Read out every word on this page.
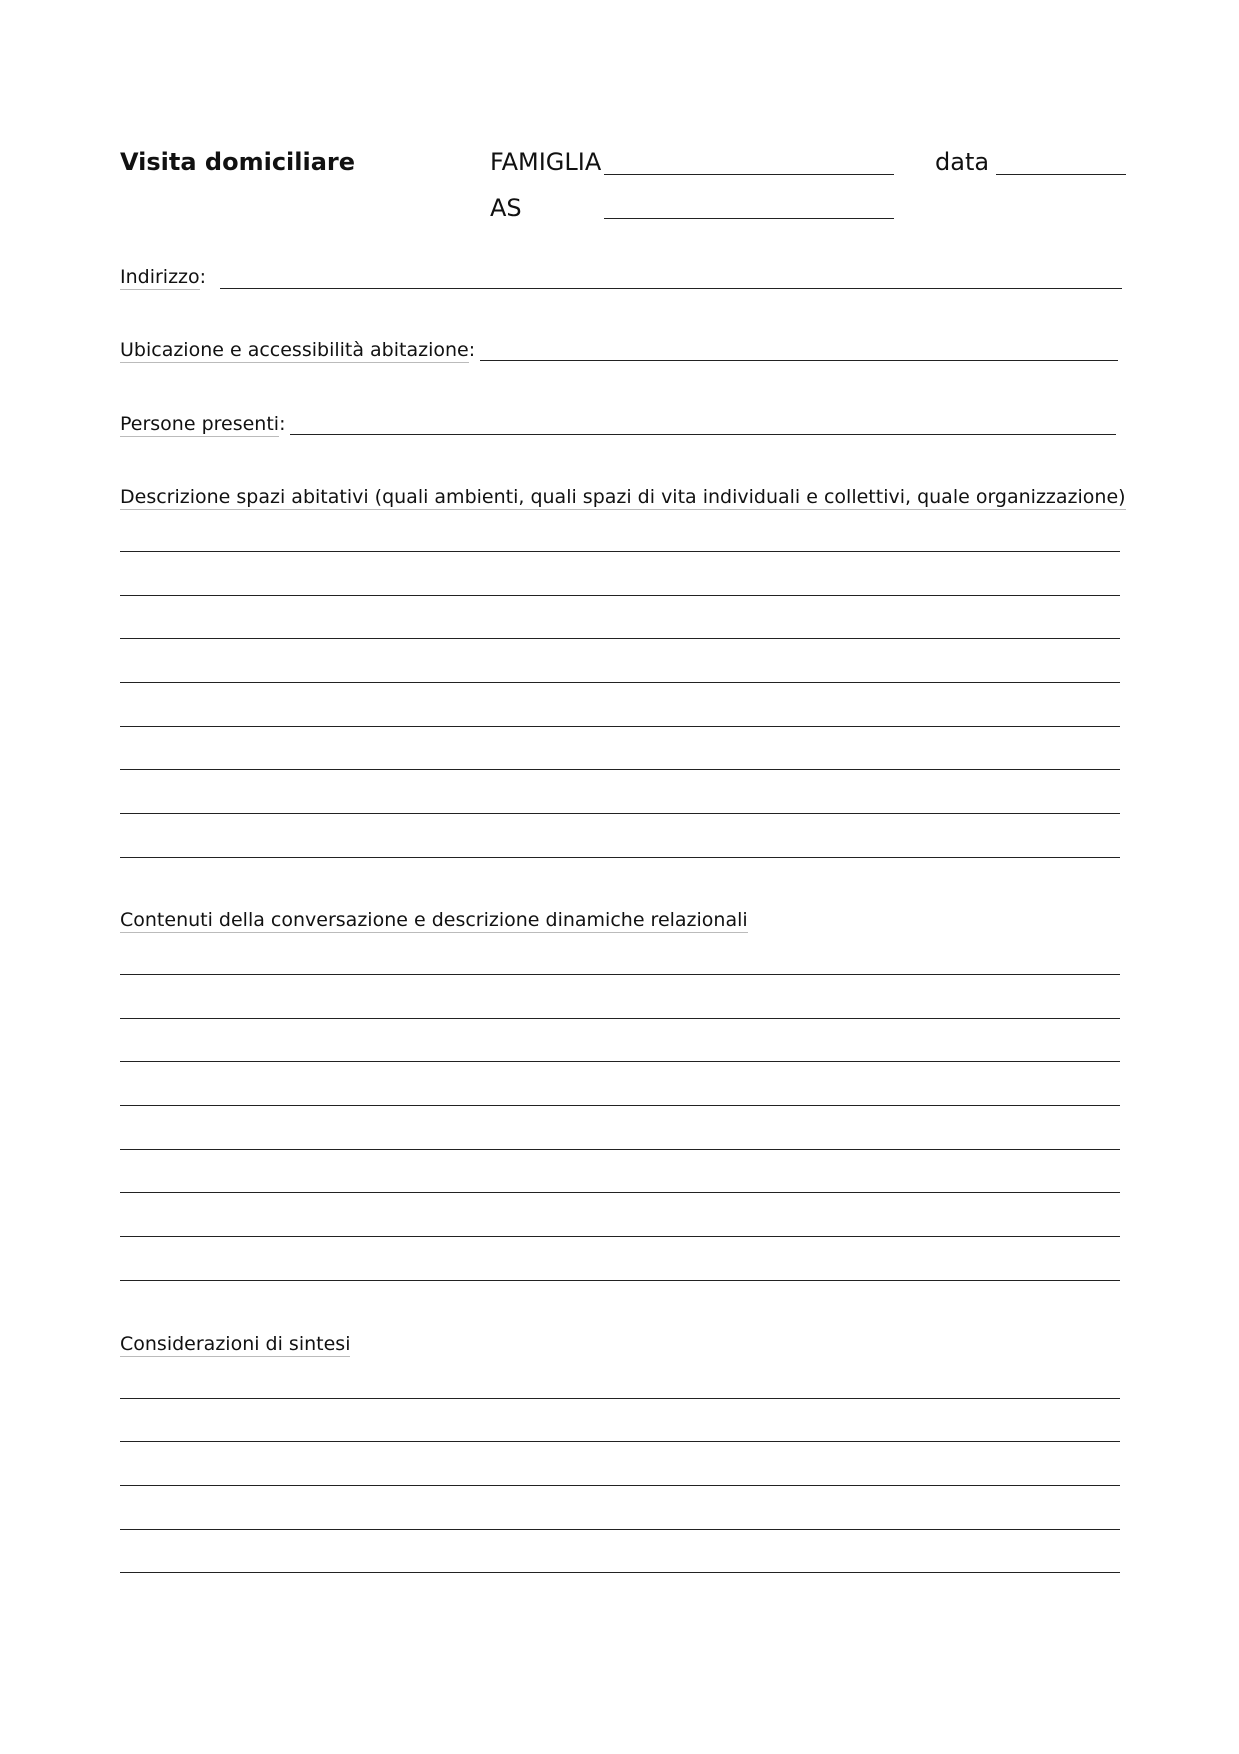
Visita domiciliare	FAMIGLIA	data
AS
Indirizzo:
Ubicazione e accessibilità abitazione:
Persone presenti:
Descrizione spazi abitativi (quali ambienti, quali spazi di vita individuali e collettivi, quale organizzazione)
Contenuti della conversazione e descrizione dinamiche relazionali
Considerazioni di sintesi
